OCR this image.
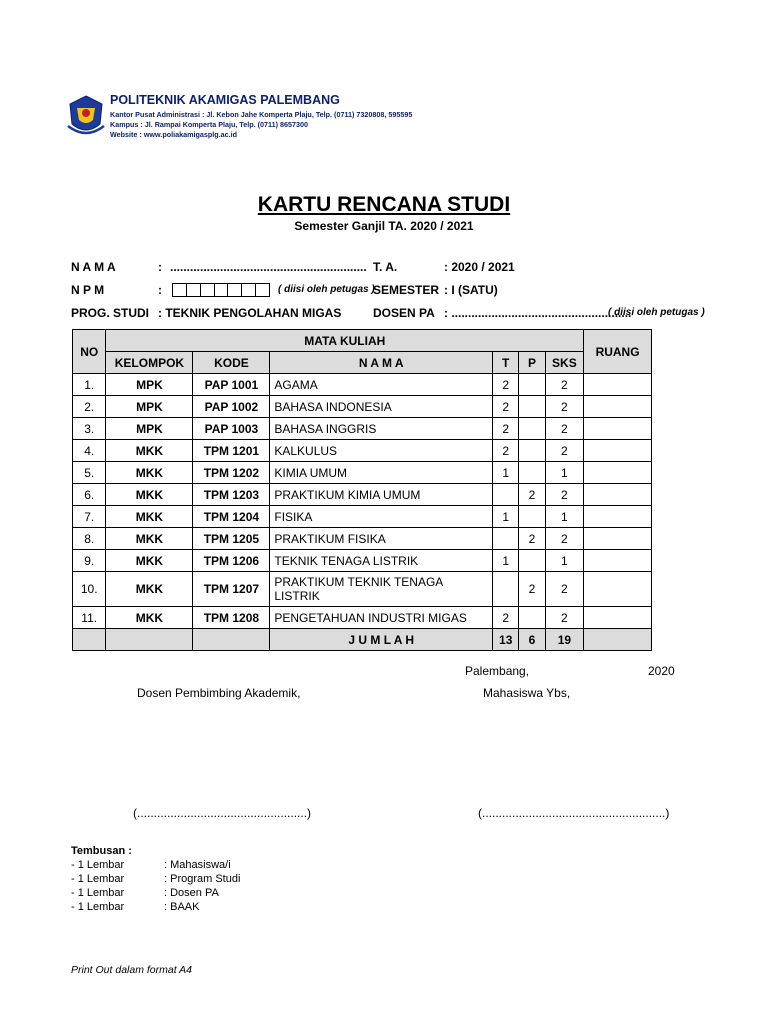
POLITEKNIK AKAMIGAS PALEMBANG
Kantor Pusat Administrasi : Jl. Kebon Jahe Komperta Plaju, Telp. (0711) 7320808, 595595
Kampus : Jl. Rampai Komperta Plaju, Telp. (0711) 8657300
Website : www.poliakamigasplg.ac.id
KARTU RENCANA STUDI
Semester Ganjil TA. 2020 / 2021
N A M A	: ...........................................................
N P M	:	( diisi oleh petugas )
PROG. STUDI : TEKNIK PENGOLAHAN MIGAS
T. A.	: 2020 / 2021
SEMESTER : I (SATU)
DOSEN PA : ......................................................
( diisi oleh petugas )
NO	MATA KULIAH						RUANG
	KELOMPOK	KODE	N A M A	T	P	SKS	
1.	MPK	PAP 1001	AGAMA	2		2	
2.	MPK	PAP 1002	BAHASA INDONESIA	2		2	
3.	MPK	PAP 1003	BAHASA INGGRIS	2		2	
4.	MKK	TPM 1201	KALKULUS	2		2	
5.	MKK	TPM 1202	KIMIA UMUM	1		1	
6.	MKK	TPM 1203	PRAKTIKUM KIMIA UMUM		2	2	
7.	MKK	TPM 1204	FISIKA	1		1	
8.	MKK	TPM 1205	PRAKTIKUM FISIKA		2	2	
9.	MKK	TPM 1206	TEKNIK TENAGA LISTRIK	1		1	
10.	MKK	TPM 1207	PRAKTIKUM TEKNIK TENAGA LISTRIK		2	2	
11.	MKK	TPM 1208	PENGETAHUAN INDUSTRI MIGAS	2		2	
			J U M L A H	13	6	19	
Palembang,	2020
Dosen Pembimbing Akademik,	Mahasiswa Ybs,
(...................................................)	(.......................................................)
Tembusan :
- 1 Lembar	: Mahasiswa/i
- 1 Lembar	: Program Studi
- 1 Lembar	: Dosen PA
- 1 Lembar	: BAAK
Print Out dalam format A4
